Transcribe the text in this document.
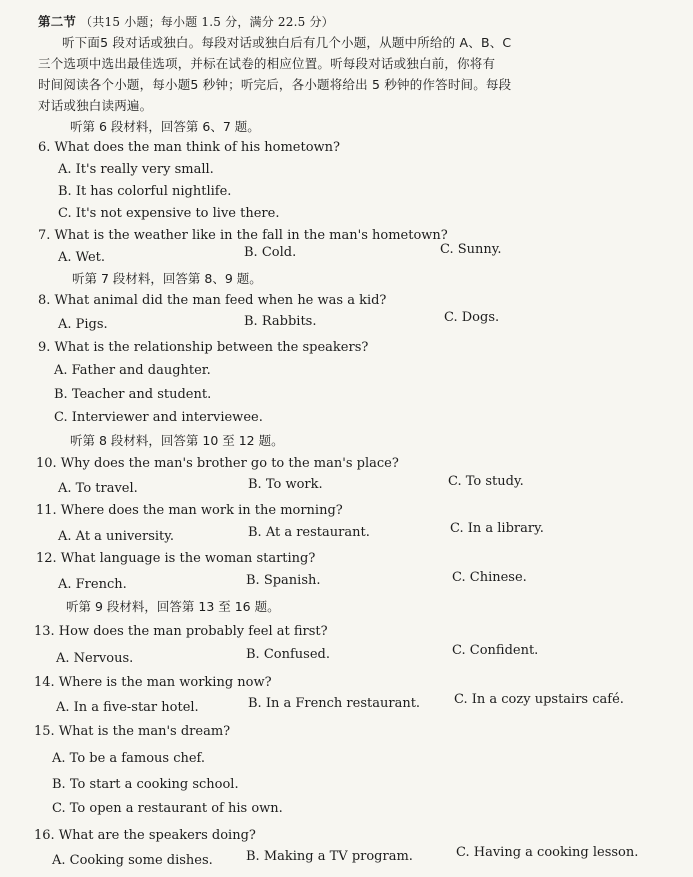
第二节 （共15 小题；每小题 1.5 分，满分 22.5 分）
听下面5 段对话或独白。每段对话或独白后有几个小题，从题中所给的 A、B、C
三个选项中选出最佳选项，并标在试卷的相应位置。听每段对话或独白前，你将有
时间阅读各个小题，每小题5 秒钟；听完后，各小题将给出 5 秒钟的作答时间。每段
对话或独白读两遍。
听第 6 段材料，回答第 6、7 题。
6. What does the man think of his hometown?
A. It's really very small.
B. It has colorful nightlife.
C. It's not expensive to live there.
7. What is the weather like in the fall in the man's hometown?
A. Wet.	B. Cold.	C. Sunny.
听第 7 段材料，回答第 8、9 题。
8. What animal did the man feed when he was a kid?
A. Pigs.	B. Rabbits.	C. Dogs.
9. What is the relationship between the speakers?
A. Father and daughter.
B. Teacher and student.
C. Interviewer and interviewee.
听第 8 段材料，回答第 10 至 12 题。
10. Why does the man's brother go to the man's place?
A. To travel.	B. To work.	C. To study.
11. Where does the man work in the morning?
A. At a university.	B. At a restaurant.	C. In a library.
12. What language is the woman starting?
A. French.	B. Spanish.	C. Chinese.
听第 9 段材料，回答第 13 至 16 题。
13. How does the man probably feel at first?
A. Nervous.	B. Confused.	C. Confident.
14. Where is the man working now?
A. In a five-star hotel.	B. In a French restaurant.	C. In a cozy upstairs café.
15. What is the man's dream?
A. To be a famous chef.
B. To start a cooking school.
C. To open a restaurant of his own.
16. What are the speakers doing?
A. Cooking some dishes.	B. Making a TV program.	C. Having a cooking lesson.
